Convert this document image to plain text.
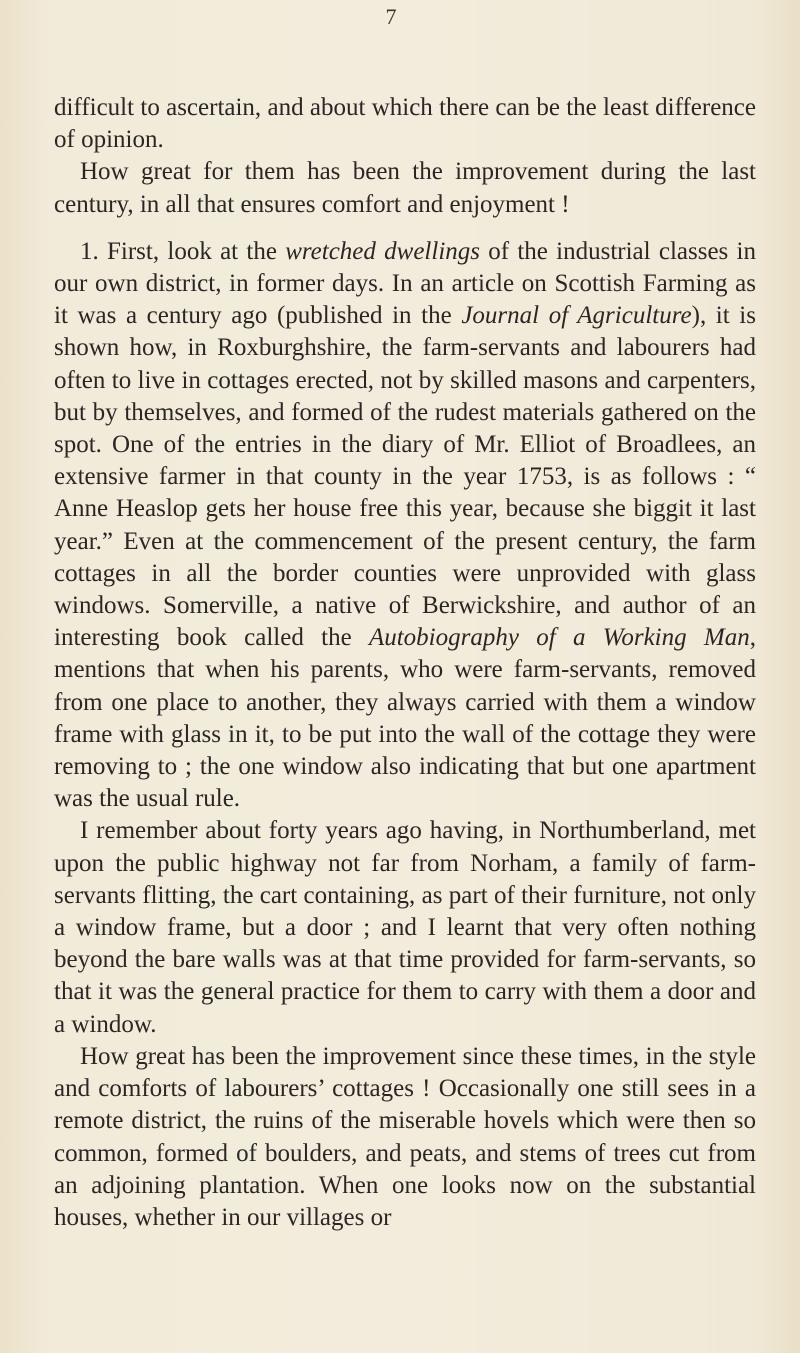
7

difficult to ascertain, and about which there can be the least difference of opinion.

How great for them has been the improvement during the last century, in all that ensures comfort and enjoyment !

1. First, look at the wretched dwellings of the industrial classes in our own district, in former days. In an article on Scottish Farming as it was a century ago (published in the Journal of Agriculture), it is shown how, in Roxburghshire, the farm-servants and labourers had often to live in cottages erected, not by skilled masons and carpenters, but by themselves, and formed of the rudest materials gathered on the spot. One of the entries in the diary of Mr. Elliot of Broadlees, an extensive farmer in that county in the year 1753, is as follows : “ Anne Heaslop gets her house free this year, because she biggit it last year.” Even at the commencement of the present century, the farm cottages in all the border counties were unprovided with glass windows. Somerville, a native of Berwickshire, and author of an interesting book called the Autobiography of a Working Man, mentions that when his parents, who were farm-servants, removed from one place to another, they always carried with them a window frame with glass in it, to be put into the wall of the cottage they were removing to ; the one window also indicating that but one apartment was the usual rule.

I remember about forty years ago having, in Northumberland, met upon the public highway not far from Norham, a family of farm-servants flitting, the cart containing, as part of their furniture, not only a window frame, but a door ; and I learnt that very often nothing beyond the bare walls was at that time provided for farm-servants, so that it was the general practice for them to carry with them a door and a window.

How great has been the improvement since these times, in the style and comforts of labourers’ cottages ! Occasionally one still sees in a remote district, the ruins of the miserable hovels which were then so common, formed of boulders, and peats, and stems of trees cut from an adjoining plantation. When one looks now on the substantial houses, whether in our villages or
